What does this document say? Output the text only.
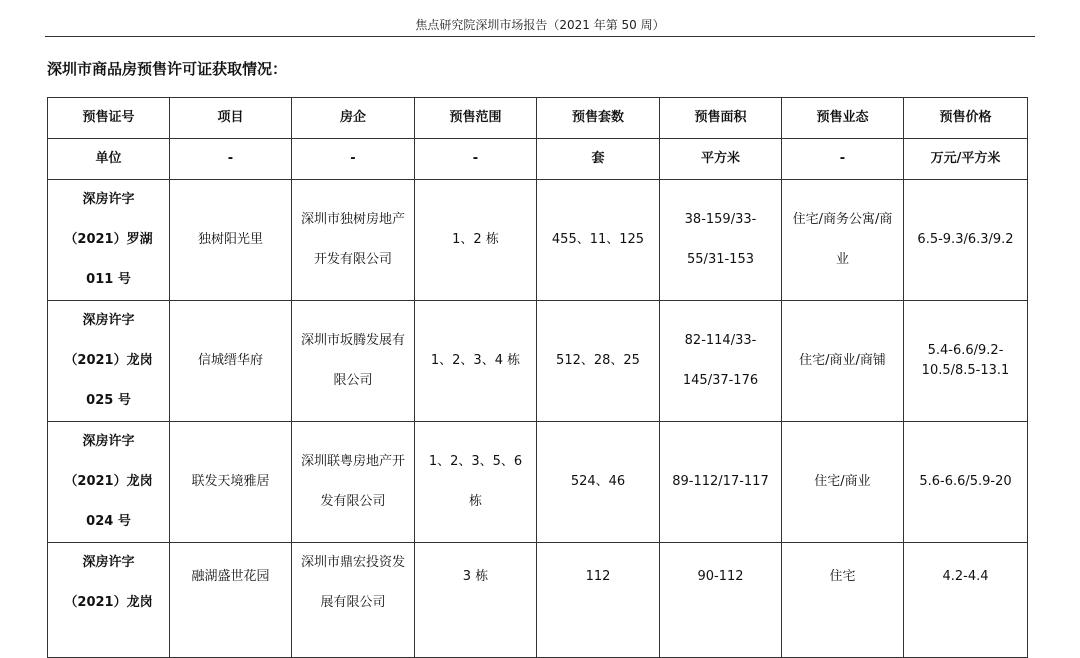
焦点研究院深圳市场报告（2021 年第 50 周）
深圳市商品房预售许可证获取情况：
预售证号	项目	房企	预售范围	预售套数	预售面积	预售业态	预售价格
单位	-	-	-	套	平方米	-	万元/平方米
深房许字（2021）罗湖 011 号	独树阳光里	深圳市独树房地产开发有限公司	1、2 栋	455、11、125	38-159/33-55/31-153	住宅/商务公寓/商业	6.5-9.3/6.3/9.2
深房许字（2021）龙岗 025 号	信城缙华府	深圳市坂腾发展有限公司	1、2、3、4 栋	512、28、25	82-114/33-145/37-176	住宅/商业/商铺	5.4-6.6/9.2-10.5/8.5-13.1
深房许字（2021）龙岗 024 号	联发天境雅居	深圳联粤房地产开发有限公司	1、2、3、5、6 栋	524、46	89-112/17-117	住宅/商业	5.6-6.6/5.9-20
深房许字（2021）龙岗	融湖盛世花园	深圳市鼎宏投资发展有限公司	3 栋	112	90-112	住宅	4.2-4.4
